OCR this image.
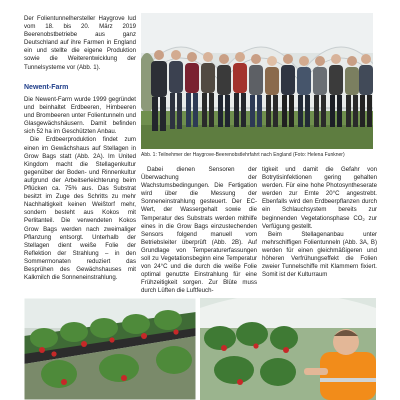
Der Folientunnelhersteller Haygrove lud vom 18. bis 20. März 2019 Beerenobstbetriebe aus ganz Deutschland auf ihre Farmen in England ein und stellte die eigene Produktion sowie die Weiterentwicklung der Tunnelsysteme vor (Abb. 1).
Newent-Farm

Die Newent-Farm wurde 1999 gegründet und beinhaltet Erdbeeren, Himbeeren und Brombeeren unter Folientunneln und Glasgewächshäusern. Damit befinden sich 52 ha im Geschützten Anbau.

Die Erdbeerproduktion findet zum einen im Gewächshaus auf Stellagen in Grow Bags statt (Abb. 2A). Im United Kingdom macht die Stellagenkultur gegenüber der Boden- und Rinnenkultur aufgrund der Arbeitserleichterung beim Pflücken ca. 75% aus. Das Substrat besitzt im Zuge des Schritts zu mehr Nachhaltigkeit keinen Weißtorf mehr, sondern besteht aus Kokos mit Perlitanteil. Die verwendeten Kokos Grow Bags werden nach zweimaliger Pflanzung entsorgt. Unterhalb der Stellagen dient weiße Folie der Reflektion der Strahlung – in den Sommermonaten reduziert das Besprühen des Gewächshauses mit Kalkmilch die Sonneneinstrahlung.

Abb. 1: Teilnehmer der Haygrove-Beerenobstlehrfahrt nach England (Foto: Helena Funkner)
Dabei dienen Sensoren der Überwachung der Wachstumsbedingungen. Die Fertigation wird über die Messung der Sonneneinstrahlung gesteuert. Der EC-Wert, der Wassergehalt sowie die Temperatur des Substrats werden mithilfe eines in die Grow Bags einzustechenden Sensors folgend manuell vom Betriebsleiter überprüft (Abb. 2B). Auf Grundlage von Temperaturerfassungen soll zu Vegetationsbeginn eine Temperatur von 24°C und die durch die weiße Folie optimal genutzte Einstrahlung für eine Frühzeitigkeit sorgen. Zur Blüte muss durch Lüften die Luftfeuch-

tigkeit und damit die Gefahr von Botrytisinfektionen gering gehalten werden. Für eine hohe Photosyntheserate werden zur Ernte 20°C angestrebt. Ebenfalls wird den Erdbeerpflanzen durch ein Schlauchsystem bereits zur beginnenden Vegetationsphase $CO_2$ zur Verfügung gestellt.

Beim Stellagenanbau unter mehrschiffigen Folientunneln (Abb. 3A, B) werden für einen gleichmäßigeren und höheren Verfrühungseffekt die Folien zweier Tunnelschiffe mit Klammern fixiert. Somit ist der Kulturraum
